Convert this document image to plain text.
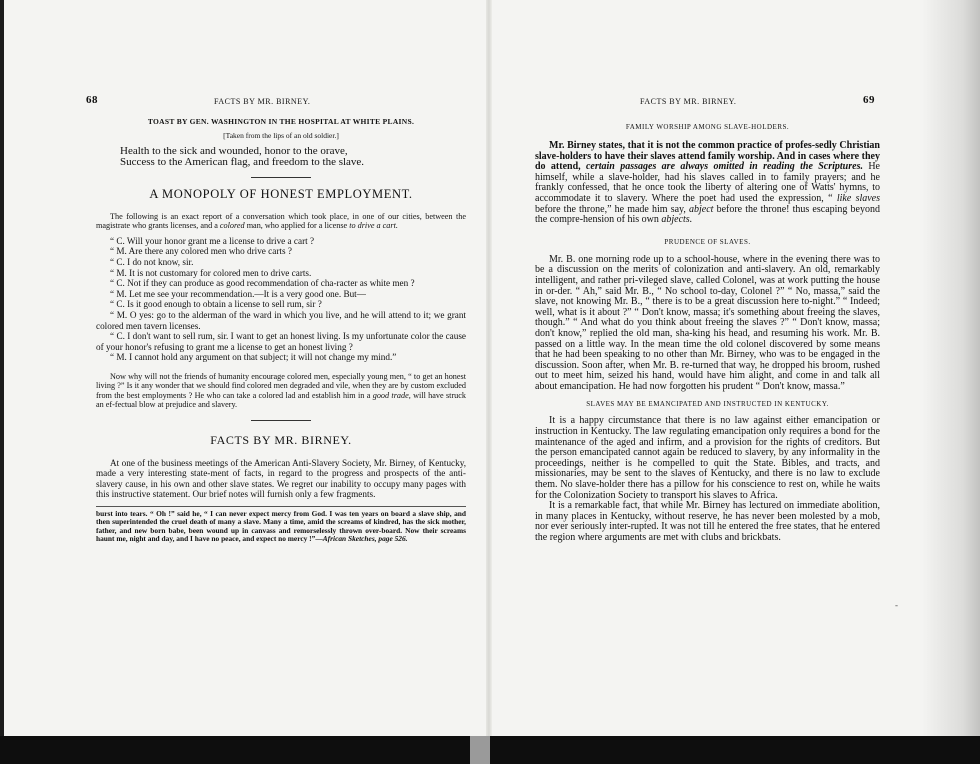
68	FACTS BY MR. BIRNEY.
TOAST BY GEN. WASHINGTON IN THE HOSPITAL AT WHITE PLAINS.
[Taken from the lips of an old soldier.]
Health to the sick and wounded, honor to the orave,
Success to the American flag, and freedom to the slave.
A MONOPOLY OF HONEST EMPLOYMENT.

The following is an exact report of a conversation which took place, in one of our cities, between the magistrate who grants licenses, and a colored man, who applied for a license to drive a cart.

“ C. Will your honor grant me a license to drive a cart ?

“ M. Are there any colored men who drive carts ?

“ C. I do not know, sir.

“ M. It is not customary for colored men to drive carts.

“ C. Not if they can produce as good recommendation of cha-racter as white men ?

“ M. Let me see your recommendation.—It is a very good one. But—

“ C. Is it good enough to obtain a license to sell rum, sir ?

“ M. O yes: go to the alderman of the ward in which you live, and he will attend to it; we grant colored men tavern licenses.

“ C. I don't want to sell rum, sir. I want to get an honest living. Is my unfortunate color the cause of your honor's refusing to grant me a license to get an honest living ?

“ M. I cannot hold any argument on that subject; it will not change my mind.”

Now why will not the friends of humanity encourage colored men, especially young men, “ to get an honest living ?” Is it any wonder that we should find colored men degraded and vile, when they are by custom excluded from the best employments ? He who can take a colored lad and establish him in a good trade, will have struck an ef-fectual blow at prejudice and slavery.

FACTS BY MR. BIRNEY.

At one of the business meetings of the American Anti-Slavery Society, Mr. Birney, of Kentucky, made a very interesting state-ment of facts, in regard to the progress and prospects of the anti-slavery cause, in his own and other slave states. We regret our inability to occupy many pages with this instructive statement. Our brief notes will furnish only a few fragments.

burst into tears. “ Oh !” said he, “ I can never expect mercy from God. I was ten years on board a slave ship, and then superintended the cruel death of many a slave. Many a time, amid the screams of kindred, has the sick mother, father, and new born babe, been wound up in canvass and remorselessly thrown over-board. Now their screams haunt me, night and day, and I have no peace, and expect no mercy !”—African Sketches, page 526.

FACTS BY MR. BIRNEY.	69
FAMILY WORSHIP AMONG SLAVE-HOLDERS.

Mr. Birney states, that it is not the common practice of profes-sedly Christian slave-holders to have their slaves attend family worship. And in cases where they do attend, certain passages are always omitted in reading the Scriptures. He himself, while a slave-holder, had his slaves called in to family prayers; and he frankly confessed, that he once took the liberty of altering one of Watts' hymns, to accommodate it to slavery. Where the poet had used the expression, “ like slaves before the throne,” he made him say, abject before the throne! thus escaping beyond the compre-hension of his own abjects.

PRUDENCE OF SLAVES.

Mr. B. one morning rode up to a school-house, where in the evening there was to be a discussion on the merits of colonization and anti-slavery. An old, remarkably intelligent, and rather pri-vileged slave, called Colonel, was at work putting the house in or-der. “ Ah,” said Mr. B., “ No school to-day, Colonel ?” “ No, massa,” said the slave, not knowing Mr. B., “ there is to be a great discussion here to-night.” “ Indeed; well, what is it about ?” “ Don't know, massa; it's something about freeing the slaves, though.” “ And what do you think about freeing the slaves ?” “ Don't know, massa; don't know,” replied the old man, sha-king his head, and resuming his work. Mr. B. passed on a little way. In the mean time the old colonel discovered by some means that he had been speaking to no other than Mr. Birney, who was to be engaged in the discussion. Soon after, when Mr. B. re-turned that way, he dropped his broom, rushed out to meet him, seized his hand, would have him alight, and come in and talk all about emancipation. He had now forgotten his prudent “ Don't know, massa.”

SLAVES MAY BE EMANCIPATED AND INSTRUCTED IN KENTUCKY.

It is a happy circumstance that there is no law against either emancipation or instruction in Kentucky. The law regulating emancipation only requires a bond for the maintenance of the aged and infirm, and a provision for the rights of creditors. But the person emancipated cannot again be reduced to slavery, by any informality in the proceedings, neither is he compelled to quit the State. Bibles, and tracts, and missionaries, may be sent to the slaves of Kentucky, and there is no law to exclude them. No slave-holder there has a pillow for his conscience to rest on, while he waits for the Colonization Society to transport his slaves to Africa.

It is a remarkable fact, that while Mr. Birney has lectured on immediate abolition, in many places in Kentucky, without reserve, he has never been molested by a mob, nor ever seriously inter-rupted. It was not till he entered the free states, that he entered the region where arguments are met with clubs and brickbats.

-
